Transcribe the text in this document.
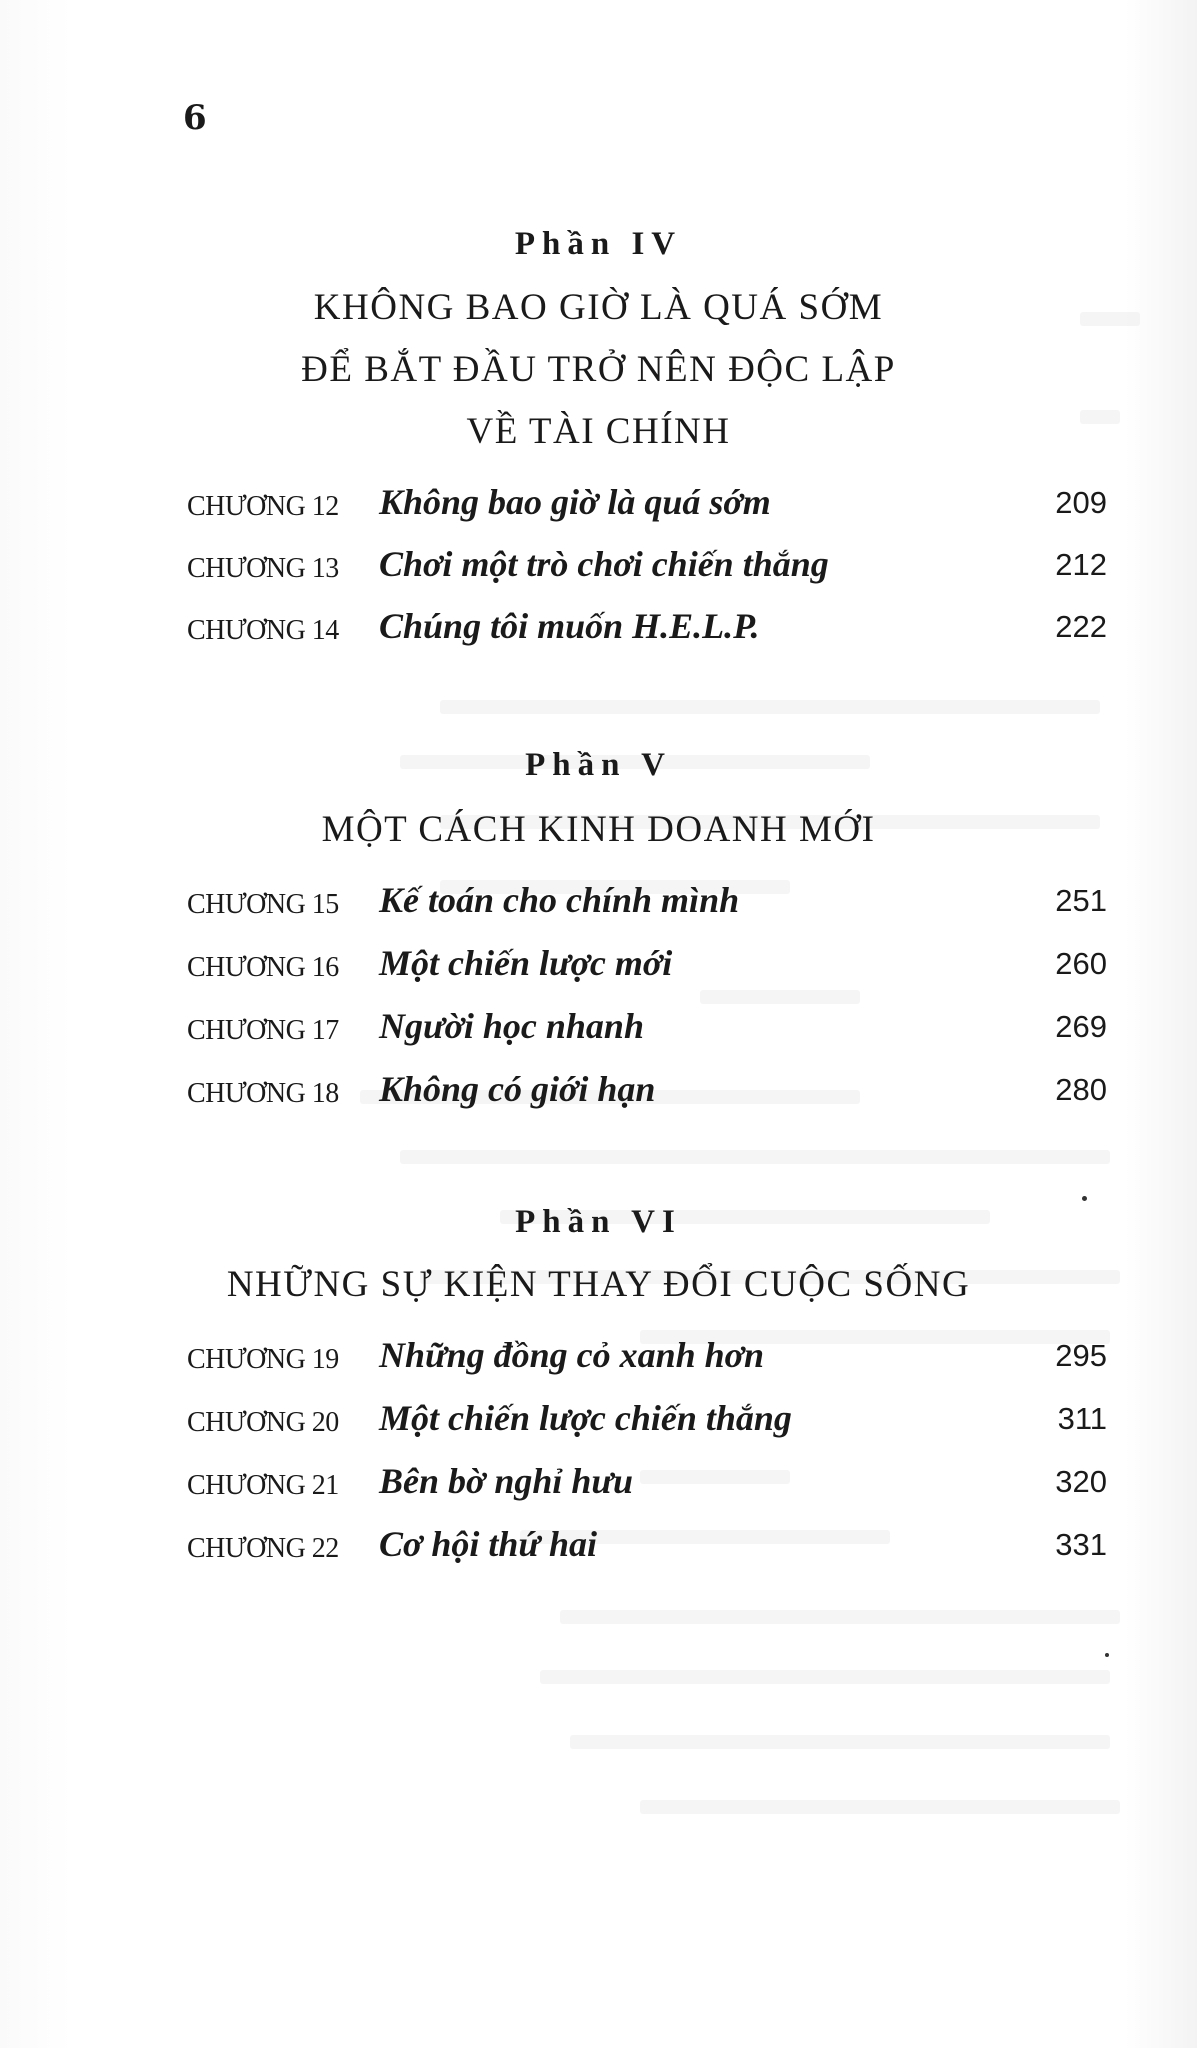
6
Phần IV
KHÔNG BAO GIỜ LÀ QUÁ SỚM
ĐỂ BẮT ĐẦU TRỞ NÊN ĐỘC LẬP
VỀ TÀI CHÍNH
CHƯƠNG 12 Không bao giờ là quá sớm	209
CHƯƠNG 13 Chơi một trò chơi chiến thắng	212
CHƯƠNG 14 Chúng tôi muốn H.E.L.P.	222
Phần V
MỘT CÁCH KINH DOANH MỚI
CHƯƠNG 15 Kế toán cho chính mình	251
CHƯƠNG 16 Một chiến lược mới	260
CHƯƠNG 17 Người học nhanh	269
CHƯƠNG 18 Không có giới hạn	280
Phần VI
NHỮNG SỰ KIỆN THAY ĐỔI CUỘC SỐNG
CHƯƠNG 19 Những đồng cỏ xanh hơn	295
CHƯƠNG 20 Một chiến lược chiến thắng	311
CHƯƠNG 21 Bên bờ nghỉ hưu	320
CHƯƠNG 22 Cơ hội thứ hai	331
